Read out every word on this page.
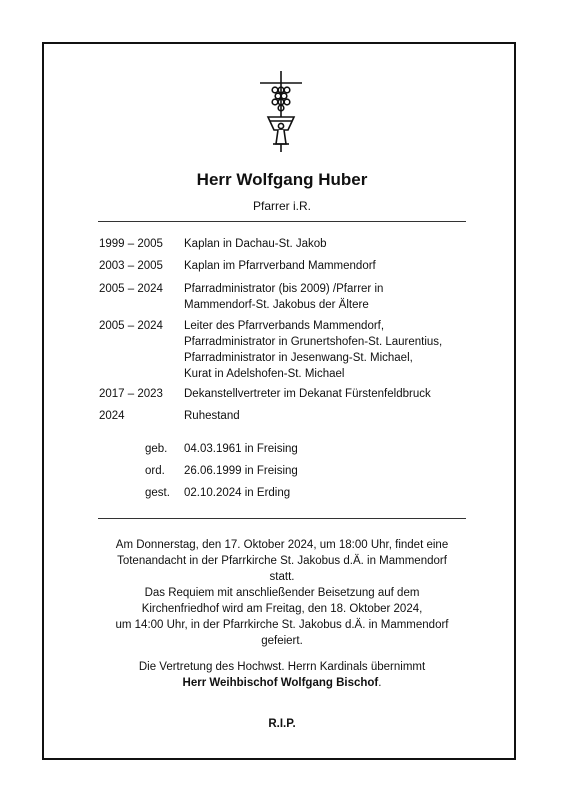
Herr Wolfgang Huber
Pfarrer i.R.
1999 – 2005 Kaplan in Dachau-St. Jakob
2003 – 2005 Kaplan im Pfarrverband Mammendorf
2005 – 2024 Pfarradministrator (bis 2009) /Pfarrer in
Mammendorf-St. Jakobus der Ältere
2005 – 2024 Leiter des Pfarrverbands Mammendorf,
Pfarradministrator in Grunertshofen-St. Laurentius,
Pfarradministrator in Jesenwang-St. Michael,
Kurat in Adelshofen-St. Michael
2017 – 2023 Dekanstellvertreter im Dekanat Fürstenfeldbruck
2024	Ruhestand
geb. 04.03.1961 in Freising
ord. 26.06.1999 in Freising
gest. 02.10.2024 in Erding

Am Donnerstag, den 17. Oktober 2024, um 18:00 Uhr, findet eine

Totenandacht in der Pfarrkirche St. Jakobus d.Ä. in Mammendorf

statt.

Das Requiem mit anschließender Beisetzung auf dem

Kirchenfriedhof wird am Freitag, den 18. Oktober 2024,

um 14:00 Uhr, in der Pfarrkirche St. Jakobus d.Ä. in Mammendorf

gefeiert.

Die Vertretung des Hochwst. Herrn Kardinals übernimmt

Herr Weihbischof Wolfgang Bischof.

R.I.P.
